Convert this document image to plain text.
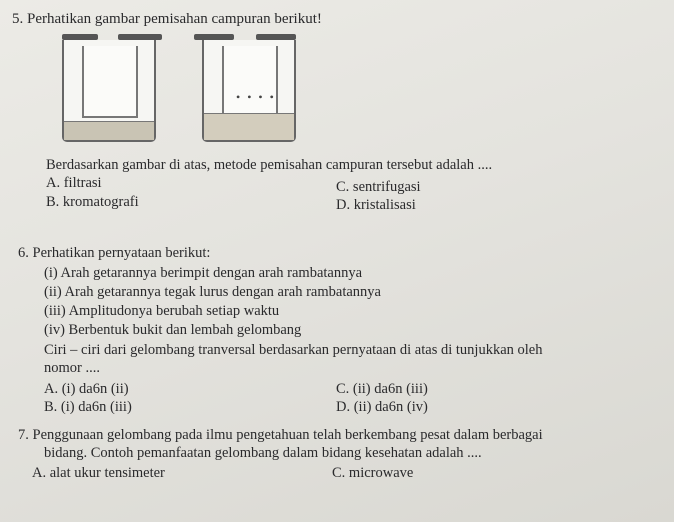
5. Perhatikan gambar pemisahan campuran berikut!
• • • •
Berdasarkan gambar di atas, metode pemisahan campuran tersebut adalah ....
A. filtrasi
B. kromatografi
C. sentrifugasi
D. kristalisasi
6. Perhatikan pernyataan berikut:
(i) Arah getarannya berimpit dengan arah rambatannya
(ii) Arah getarannya tegak lurus dengan arah rambatannya
(iii) Amplitudonya berubah setiap waktu
(iv) Berbentuk bukit dan lembah gelombang
Ciri – ciri dari gelombang tranversal berdasarkan pernyataan di atas di tunjukkan oleh
nomor ....
A. (i) da6n (ii)
B. (i) da6n (iii)
C. (ii) da6n (iii)
D. (ii) da6n (iv)
7. Penggunaan gelombang pada ilmu pengetahuan telah berkembang pesat dalam berbagai
bidang. Contoh pemanfaatan gelombang dalam bidang kesehatan adalah ....
A. alat ukur tensimeter	C. microwave
